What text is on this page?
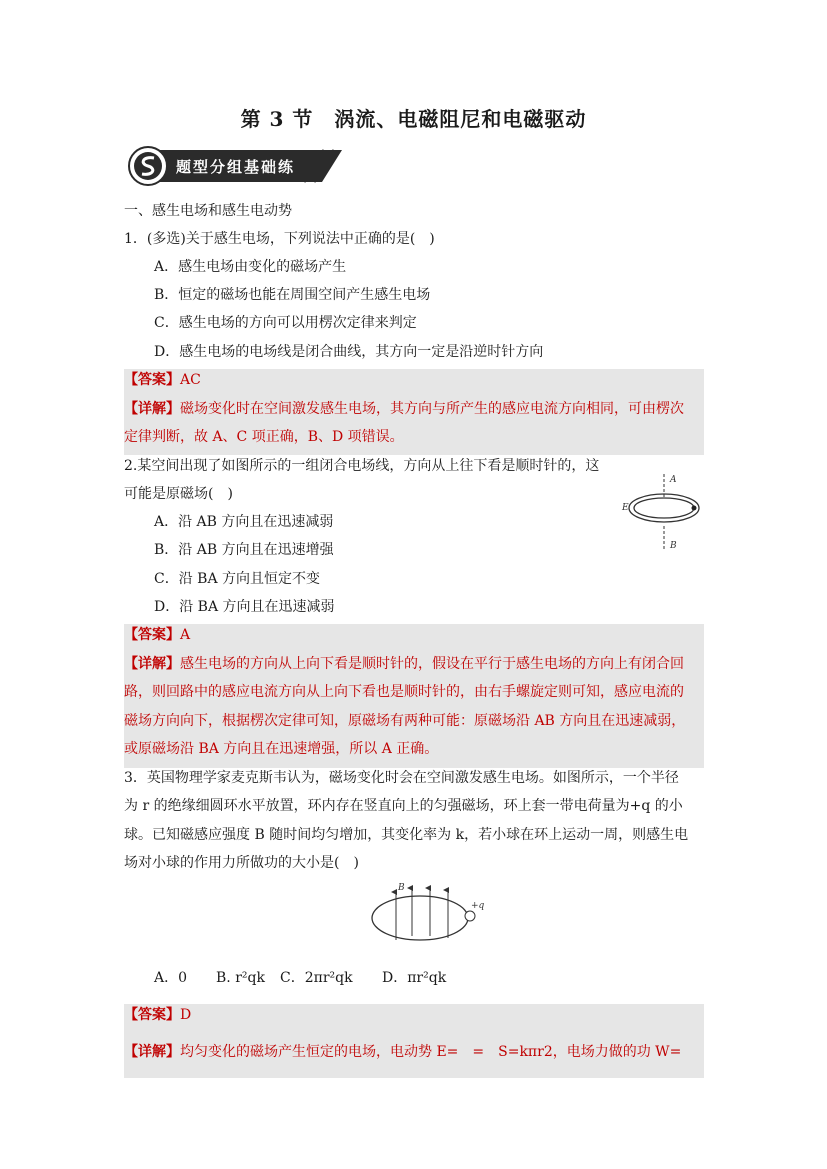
第 3 节　涡流、电磁阻尼和电磁驱动
题型分组基础练
一、感生电场和感生电动势
1．(多选)关于感生电场，下列说法中正确的是(　)
A．感生电场由变化的磁场产生
B．恒定的磁场也能在周围空间产生感生电场
C．感生电场的方向可以用楞次定律来判定
D．感生电场的电场线是闭合曲线，其方向一定是沿逆时针方向
【答案】AC
【详解】磁场变化时在空间激发感生电场，其方向与所产生的感应电流方向相同，可由楞次
定律判断，故 A、C 项正确，B、D 项错误。
2.某空间出现了如图所示的一组闭合电场线，方向从上往下看是顺时针的，这
可能是原磁场(　)
A．沿 AB 方向且在迅速减弱
B．沿 AB 方向且在迅速增强
C．沿 BA 方向且恒定不变
D．沿 BA 方向且在迅速减弱
A
B
E
【答案】A
【详解】感生电场的方向从上向下看是顺时针的，假设在平行于感生电场的方向上有闭合回
路，则回路中的感应电流方向从上向下看也是顺时针的，由右手螺旋定则可知，感应电流的
磁场方向向下，根据楞次定律可知，原磁场有两种可能：原磁场沿 AB 方向且在迅速减弱，
或原磁场沿 BA 方向且在迅速增强，所以 A 正确。
3．英国物理学家麦克斯韦认为，磁场变化时会在空间激发感生电场。如图所示，一个半径
为 r 的绝缘细圆环水平放置，环内存在竖直向上的匀强磁场，环上套一带电荷量为+q 的小
球。已知磁感应强度 B 随时间均匀增加，其变化率为 k，若小球在环上运动一周，则感生电
场对小球的作用力所做功的大小是(　)
B
+q
A．0 B. r²qk C．2πr²qk D．πr²qk
【答案】D
【详解】均匀变化的磁场产生恒定的电场，电动势 E=　=　S=kπr2，电场力做的功 W=
